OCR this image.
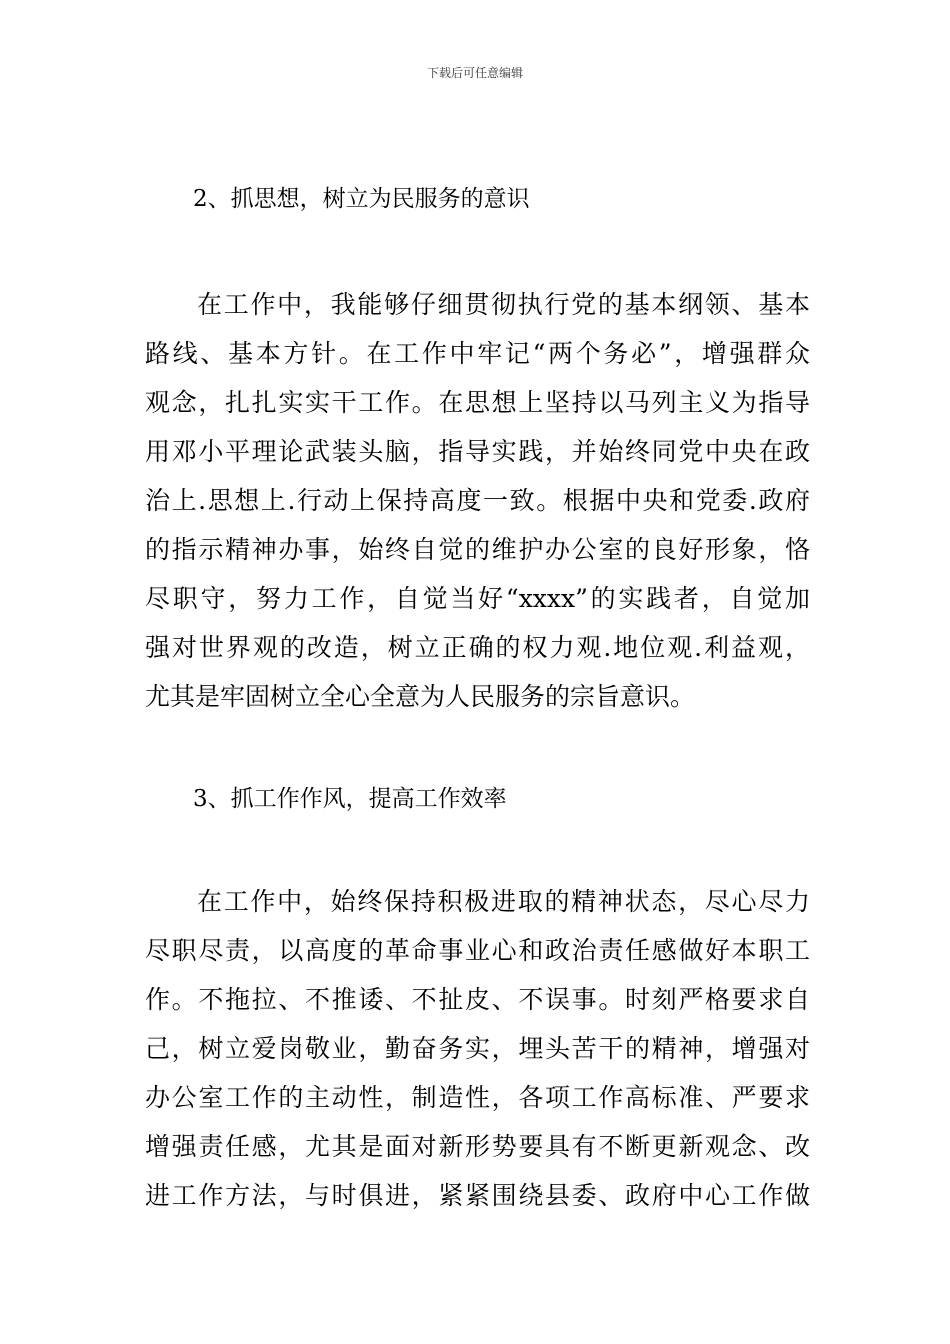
下载后可任意编辑
2、抓思想，树立为民服务的意识
在工作中，我能够仔细贯彻执行党的基本纲领、基本
路线、基本方针。在工作中牢记“两个务必”，增强群众
观念，扎扎实实干工作。在思想上坚持以马列主义为指导
用邓小平理论武装头脑，指导实践，并始终同党中央在政
治上.思想上.行动上保持高度一致。根据中央和党委.政府
的指示精神办事，始终自觉的维护办公室的良好形象，恪
尽职守，努力工作，自觉当好“xxxx”的实践者，自觉加
强对世界观的改造，树立正确的权力观.地位观.利益观，
尤其是牢固树立全心全意为人民服务的宗旨意识。
3、抓工作作风，提高工作效率
在工作中，始终保持积极进取的精神状态，尽心尽力
尽职尽责，以高度的革命事业心和政治责任感做好本职工
作。不拖拉、不推诿、不扯皮、不误事。时刻严格要求自
己，树立爱岗敬业，勤奋务实，埋头苦干的精神，增强对
办公室工作的主动性，制造性，各项工作高标准、严要求
增强责任感，尤其是面对新形势要具有不断更新观念、改
进工作方法，与时俱进，紧紧围绕县委、政府中心工作做
